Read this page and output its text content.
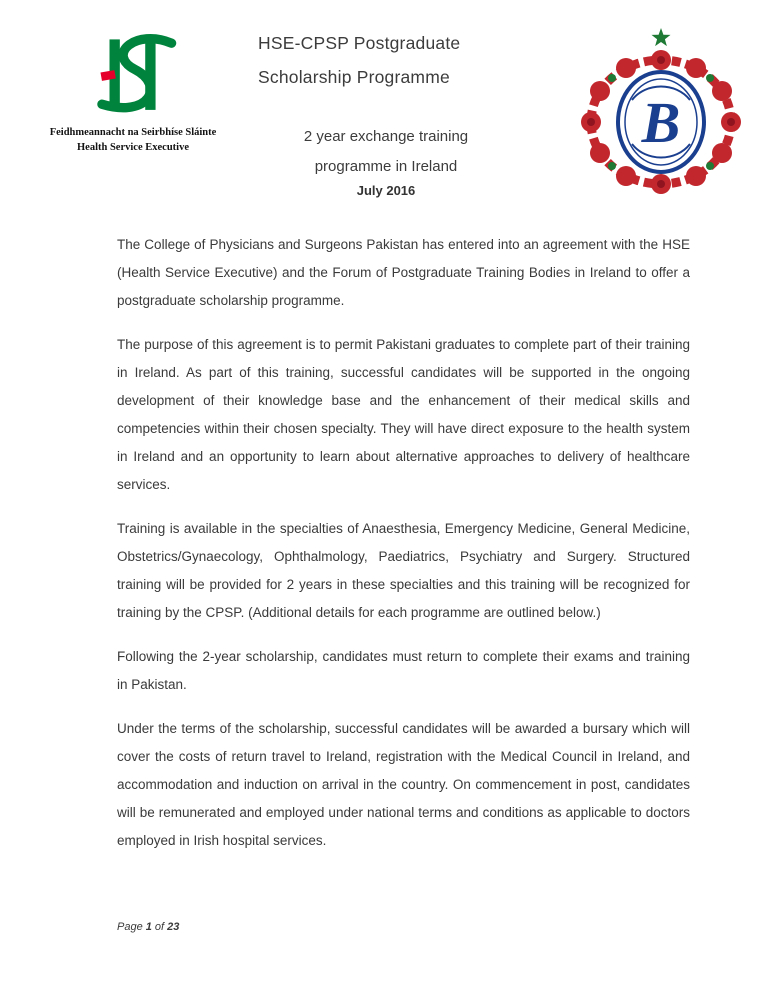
Feidhmeannacht na Seirbhíse Sláinte
Health Service Executive
HSE-CPSP Postgraduate
Scholarship Programme
2 year exchange training
programme in Ireland
July 2016
B

The College of Physicians and Surgeons Pakistan has entered into an agreement with the HSE (Health Service Executive) and the Forum of Postgraduate Training Bodies in Ireland to offer a postgraduate scholarship programme.

The purpose of this agreement is to permit Pakistani graduates to complete part of their training in Ireland. As part of this training, successful candidates will be supported in the ongoing development of their knowledge base and the enhancement of their medical skills and competencies within their chosen specialty. They will have direct exposure to the health system in Ireland and an opportunity to learn about alternative approaches to delivery of healthcare services.

Training is available in the specialties of Anaesthesia, Emergency Medicine, General Medicine, Obstetrics/Gynaecology, Ophthalmology, Paediatrics, Psychiatry and Surgery. Structured training will be provided for 2 years in these specialties and this training will be recognized for training by the CPSP. (Additional details for each programme are outlined below.)

Following the 2-year scholarship, candidates must return to complete their exams and training in Pakistan.

Under the terms of the scholarship, successful candidates will be awarded a bursary which will cover the costs of return travel to Ireland, registration with the Medical Council in Ireland, and accommodation and induction on arrival in the country. On commencement in post, candidates will be remunerated and employed under national terms and conditions as applicable to doctors employed in Irish hospital services.

Page 1 of 23
